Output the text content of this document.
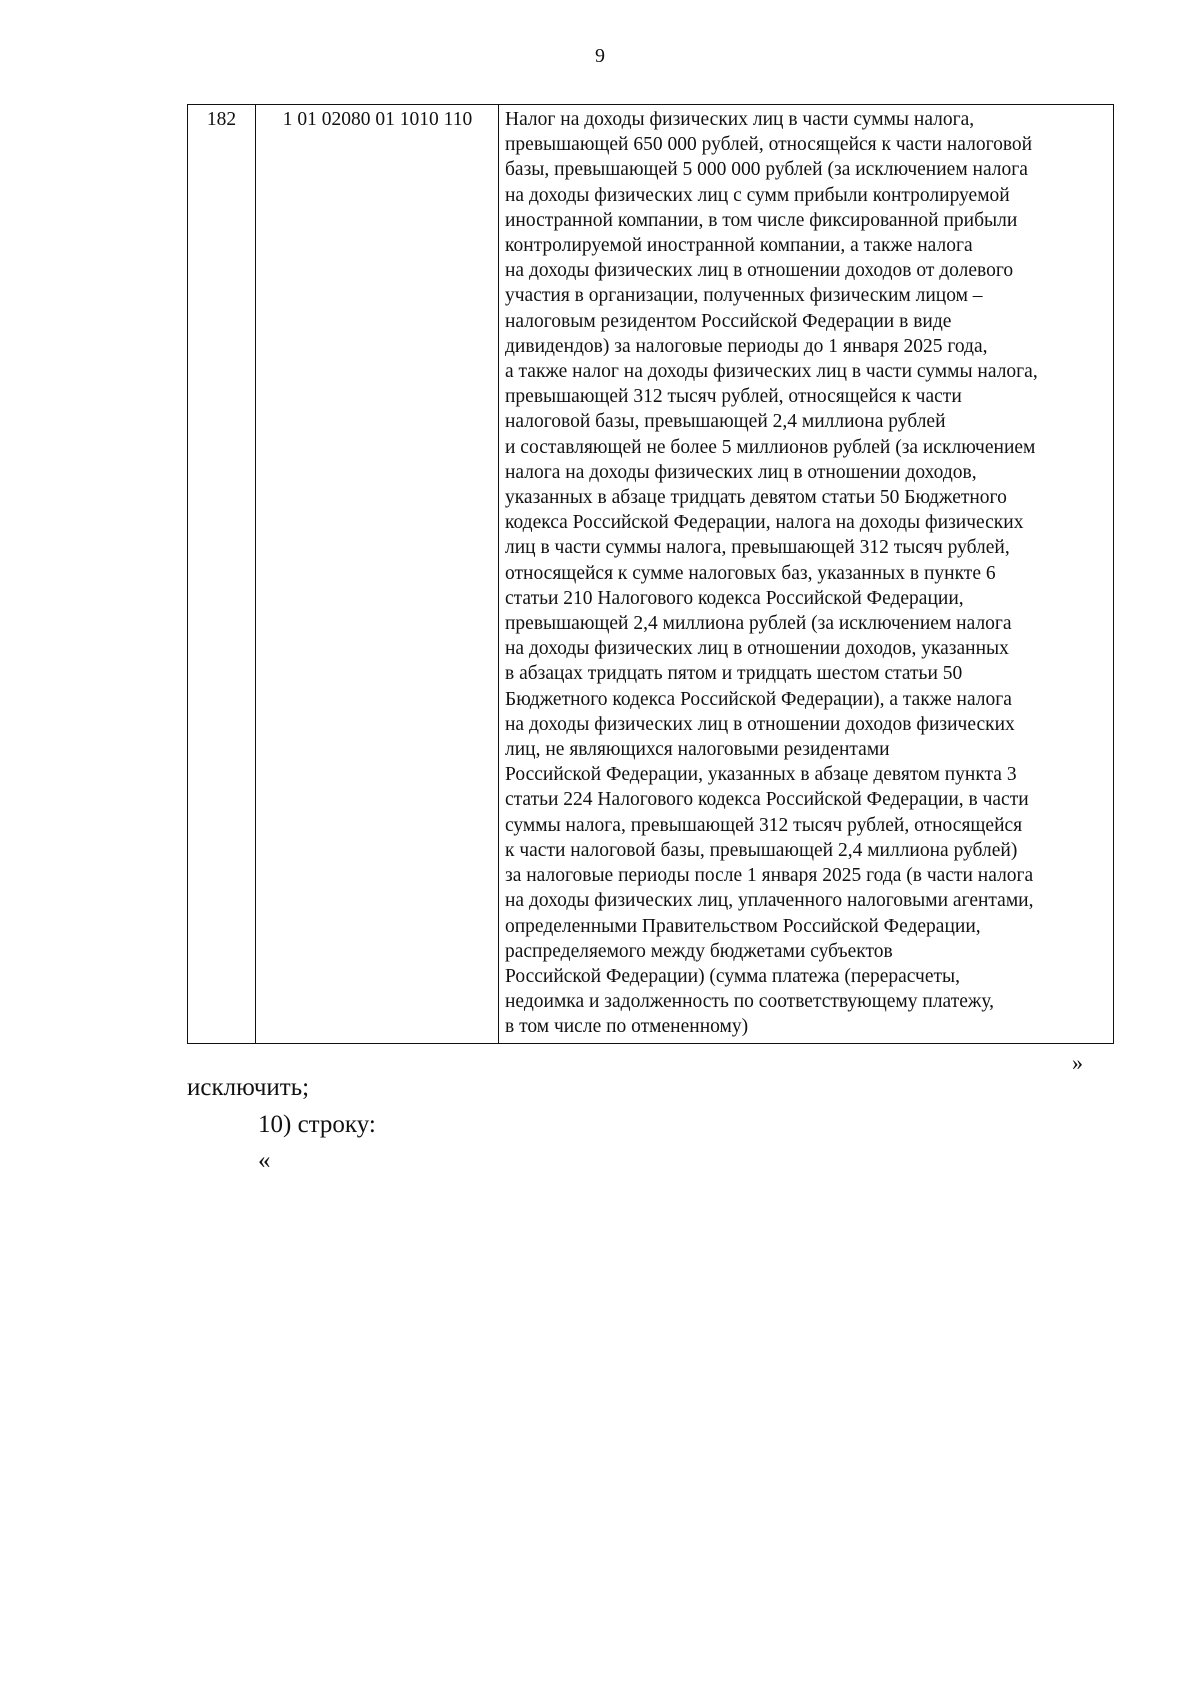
9
182	1 01 02080 01 1010 110	Налог на доходы физических лиц в части суммы налога,
превышающей 650 000 рублей, относящейся к части налоговой
базы, превышающей 5 000 000 рублей (за исключением налога
на доходы физических лиц с сумм прибыли контролируемой
иностранной компании, в том числе фиксированной прибыли
контролируемой иностранной компании, а также налога
на доходы физических лиц в отношении доходов от долевого
участия в организации, полученных физическим лицом –
налоговым резидентом Российской Федерации в виде
дивидендов) за налоговые периоды до 1 января 2025 года,
а также налог на доходы физических лиц в части суммы налога,
превышающей 312 тысяч рублей, относящейся к части
налоговой базы, превышающей 2,4 миллиона рублей
и составляющей не более 5 миллионов рублей (за исключением
налога на доходы физических лиц в отношении доходов,
указанных в абзаце тридцать девятом статьи 50 Бюджетного
кодекса Российской Федерации, налога на доходы физических
лиц в части суммы налога, превышающей 312 тысяч рублей,
относящейся к сумме налоговых баз, указанных в пункте 6
статьи 210 Налогового кодекса Российской Федерации,
превышающей 2,4 миллиона рублей (за исключением налога
на доходы физических лиц в отношении доходов, указанных
в абзацах тридцать пятом и тридцать шестом статьи 50
Бюджетного кодекса Российской Федерации), а также налога
на доходы физических лиц в отношении доходов физических
лиц, не являющихся налоговыми резидентами
Российской Федерации, указанных в абзаце девятом пункта 3
статьи 224 Налогового кодекса Российской Федерации, в части
суммы налога, превышающей 312 тысяч рублей, относящейся
к части налоговой базы, превышающей 2,4 миллиона рублей)
за налоговые периоды после 1 января 2025 года (в части налога
на доходы физических лиц, уплаченного налоговыми агентами,
определенными Правительством Российской Федерации,
распределяемого между бюджетами субъектов
Российской Федерации) (сумма платежа (перерасчеты,
недоимка и задолженность по соответствующему платежу,
в том числе по отмененному)
»
исключить;
10) строку:
«
